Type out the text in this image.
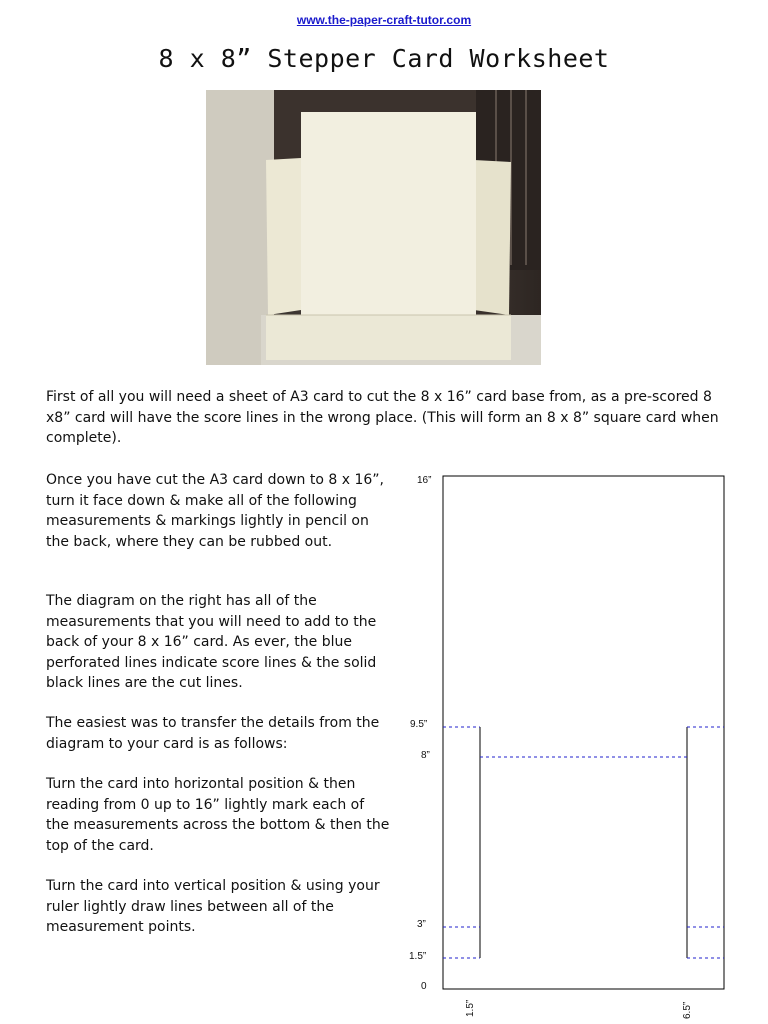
www.the-paper-craft-tutor.com
8 x 8” Stepper Card Worksheet

First of all you will need a sheet of A3 card to cut the 8 x 16” card base from, as a pre-scored 8 x8” card will have the score lines in the wrong place. (This will form an 8 x 8” square card when complete).

Once you have cut the A3 card down to 8 x 16”, turn it face down & make all of the following measurements & markings lightly in pencil on the back, where they can be rubbed out.

The diagram on the right has all of the measurements that you will need to add to the back of your 8 x 16” card. As ever, the blue perforated lines indicate score lines & the solid black lines are the cut lines.

The easiest was to transfer the details from the diagram to your card is as follows:

Turn the card into horizontal position & then reading from 0 up to 16” lightly mark each of the measurements across the bottom & then the top of the card.

Turn the card into vertical position & using your ruler lightly draw lines between all of the measurement points.

16”
9.5”
8”
3”
1.5”
0
1.5”	6.5”
